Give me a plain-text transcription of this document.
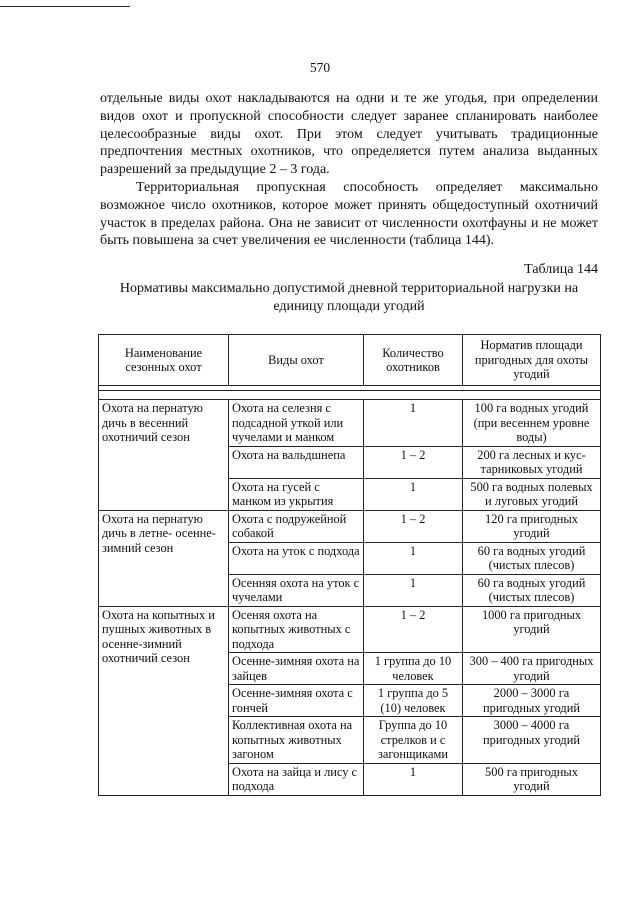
570

отдельные виды охот накладываются на одни и те же угодья, при определении видов охот и пропускной способности следует заранее спланировать наиболее целесообразные виды охот. При этом следует учитывать традиционные предпочтения местных охотников, что определяется путем анализа выданных разрешений за предыдущие 2 – 3 года.

Территориальная пропускная способность определяет максимально возможное число охотников, которое может принять общедоступный охотничий участок в пределах района. Она не зависит от численности охотфауны и не может быть повышена за счет увеличения ее численности (таблица 144).

Таблица 144

Нормативы максимально допустимой дневной территориальной нагрузки на единицу площади угодий

Наименование сезонных охот	Виды охот	Количество охотников	Норматив площади пригодных для охоты угодий

Охота на пернатую дичь в весенний охотничий сезон	Охота на селезня с подсадной уткой или чучелами и манком	1	100 га водных угодий (при весеннем уровне воды)
	Охота на вальдшнепа	1 – 2	200 га лесных и кус-тарниковых угодий
	Охота на гусей с манком из укрытия	1	500 га водных полевых и луговых угодий
Охота на пернатую дичь в летне- осенне-зимний сезон	Охота с подружейной собакой	1 – 2	120 га пригодных угодий
	Охота на уток с подхода	1	60 га водных угодий (чистых плесов)
	Осенняя охота на уток с чучелами	1	60 га водных угодий (чистых плесов)
Охота на копытных и пушных животных в осенне-зимний охотничий сезон	Осеняя охота на копытных животных с подхода	1 – 2	1000 га пригодных угодий
	Осенне-зимняя охота на зайцев	1 группа до 10 человек	300 – 400 га пригодных угодий
	Осенне-зимняя охота с гончей	1 группа до 5 (10) человек	2000 – 3000 га пригодных угодий
	Коллективная охота на копытных животных загоном	Группа до 10 стрелков и с загонщиками	3000 – 4000 га пригодных угодий
	Охота на зайца и лису с подхода	1	500 га пригодных угодий
